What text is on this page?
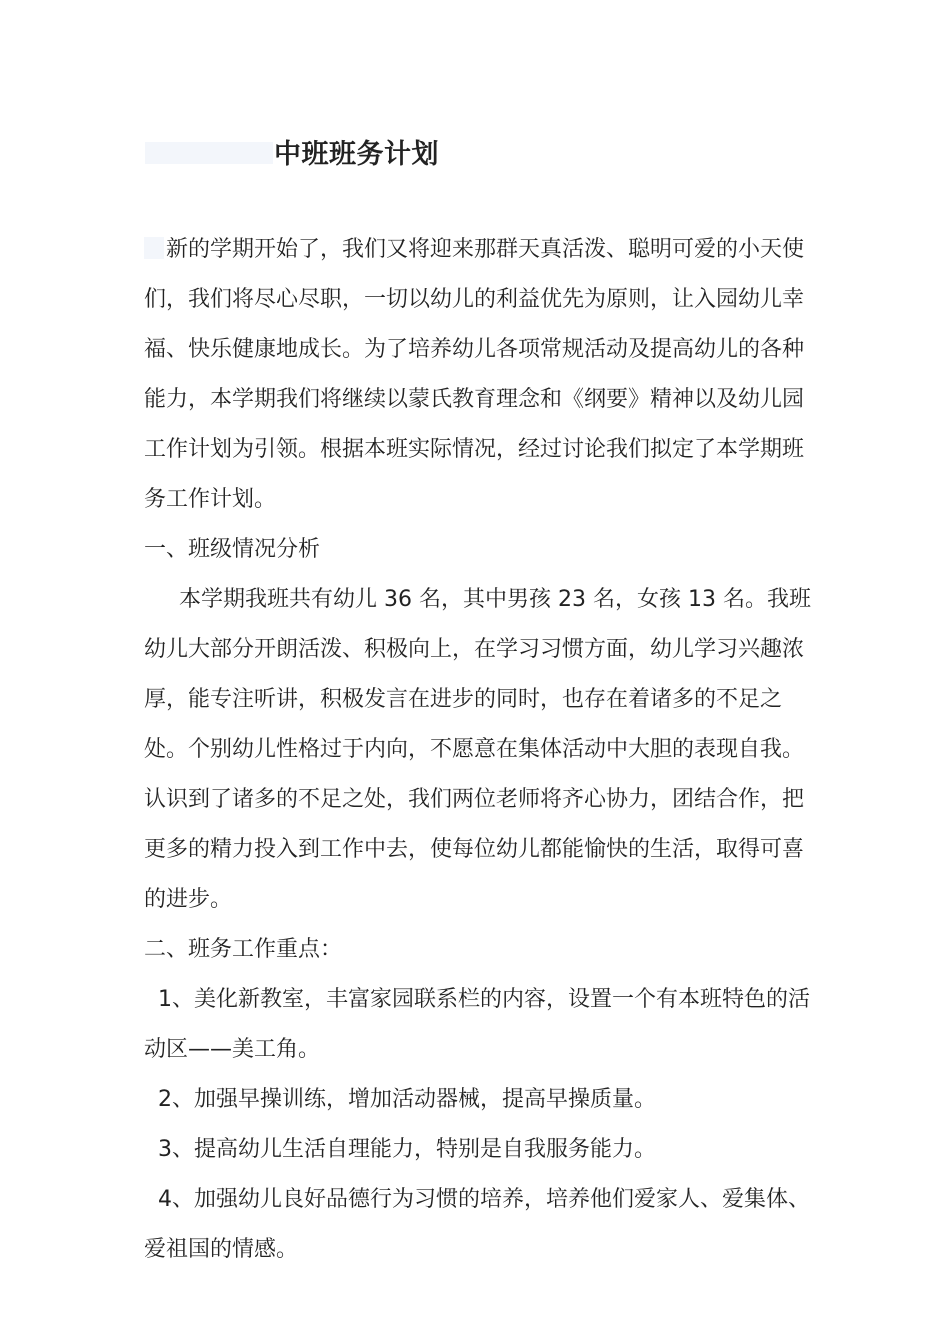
中班班务计划

新的学期开始了，我们又将迎来那群天真活泼、聪明可爱的小天使们，我们将尽心尽职，一切以幼儿的利益优先为原则，让入园幼儿幸福、快乐健康地成长。为了培养幼儿各项常规活动及提高幼儿的各种能力，本学期我们将继续以蒙氏教育理念和《纲要》精神以及幼儿园工作计划为引领。根据本班实际情况，经过讨论我们拟定了本学期班务工作计划。

一、班级情况分析

本学期我班共有幼儿 36 名，其中男孩 23 名，女孩 13 名。我班幼儿大部分开朗活泼、积极向上，在学习习惯方面，幼儿学习兴趣浓厚，能专注听讲，积极发言在进步的同时，也存在着诸多的不足之处。个别幼儿性格过于内向，不愿意在集体活动中大胆的表现自我。认识到了诸多的不足之处，我们两位老师将齐心协力，团结合作，把更多的精力投入到工作中去，使每位幼儿都能愉快的生活，取得可喜的进步。

二、班务工作重点：

1、美化新教室，丰富家园联系栏的内容，设置一个有本班特色的活动区——美工角。

2、加强早操训练，增加活动器械，提高早操质量。

3、提高幼儿生活自理能力，特别是自我服务能力。

4、加强幼儿良好品德行为习惯的培养，培养他们爱家人、爱集体、爱祖国的情感。
